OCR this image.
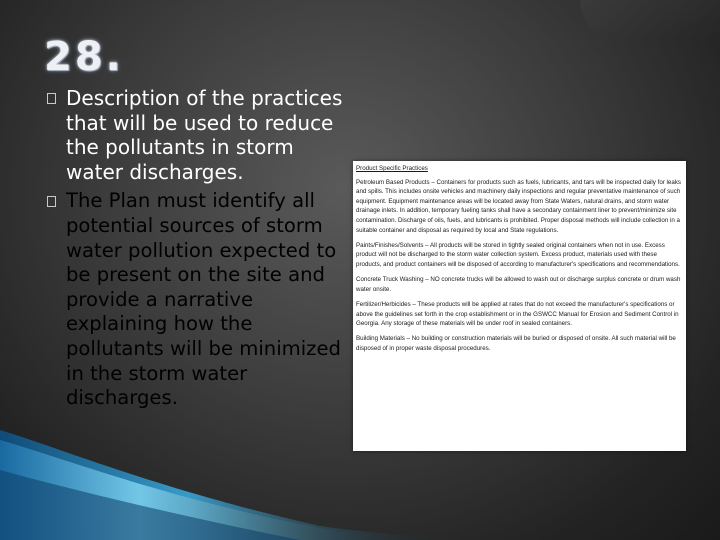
28.
Description of the practices that will be used to reduce the pollutants in storm water discharges.
The Plan must identify all potential sources of storm water pollution expected to be present on the site and provide a narrative explaining how the pollutants will be minimized in the storm water discharges.
Product Specific Practices
Petroleum Based Products – Containers for products such as fuels, lubricants, and tars will be inspected daily for leaks and spills. This includes onsite vehicles and machinery daily inspections and regular preventative maintenance of such equipment. Equipment maintenance areas will be located away from State Waters, natural drains, and storm water drainage inlets. In addition, temporary fueling tanks shall have a secondary containment liner to prevent/minimize site contamination. Discharge of oils, fuels, and lubricants is prohibited. Proper disposal methods will include collection in a suitable container and disposal as required by local and State regulations.
Paints/Finishes/Solvents – All products will be stored in tightly sealed original containers when not in use. Excess product will not be discharged to the storm water collection system. Excess product, materials used with these products, and product containers will be disposed of according to manufacturer's specifications and recommendations.
Concrete Truck Washing – NO concrete trucks will be allowed to wash out or discharge surplus concrete or drum wash water onsite.
Fertilizer/Herbicides – These products will be applied at rates that do not exceed the manufacturer's specifications or above the guidelines set forth in the crop establishment or in the GSWCC Manual for Erosion and Sediment Control in Georgia. Any storage of these materials will be under roof in sealed containers.
Building Materials – No building or construction materials will be buried or disposed of onsite. All such material will be disposed of in proper waste disposal procedures.
